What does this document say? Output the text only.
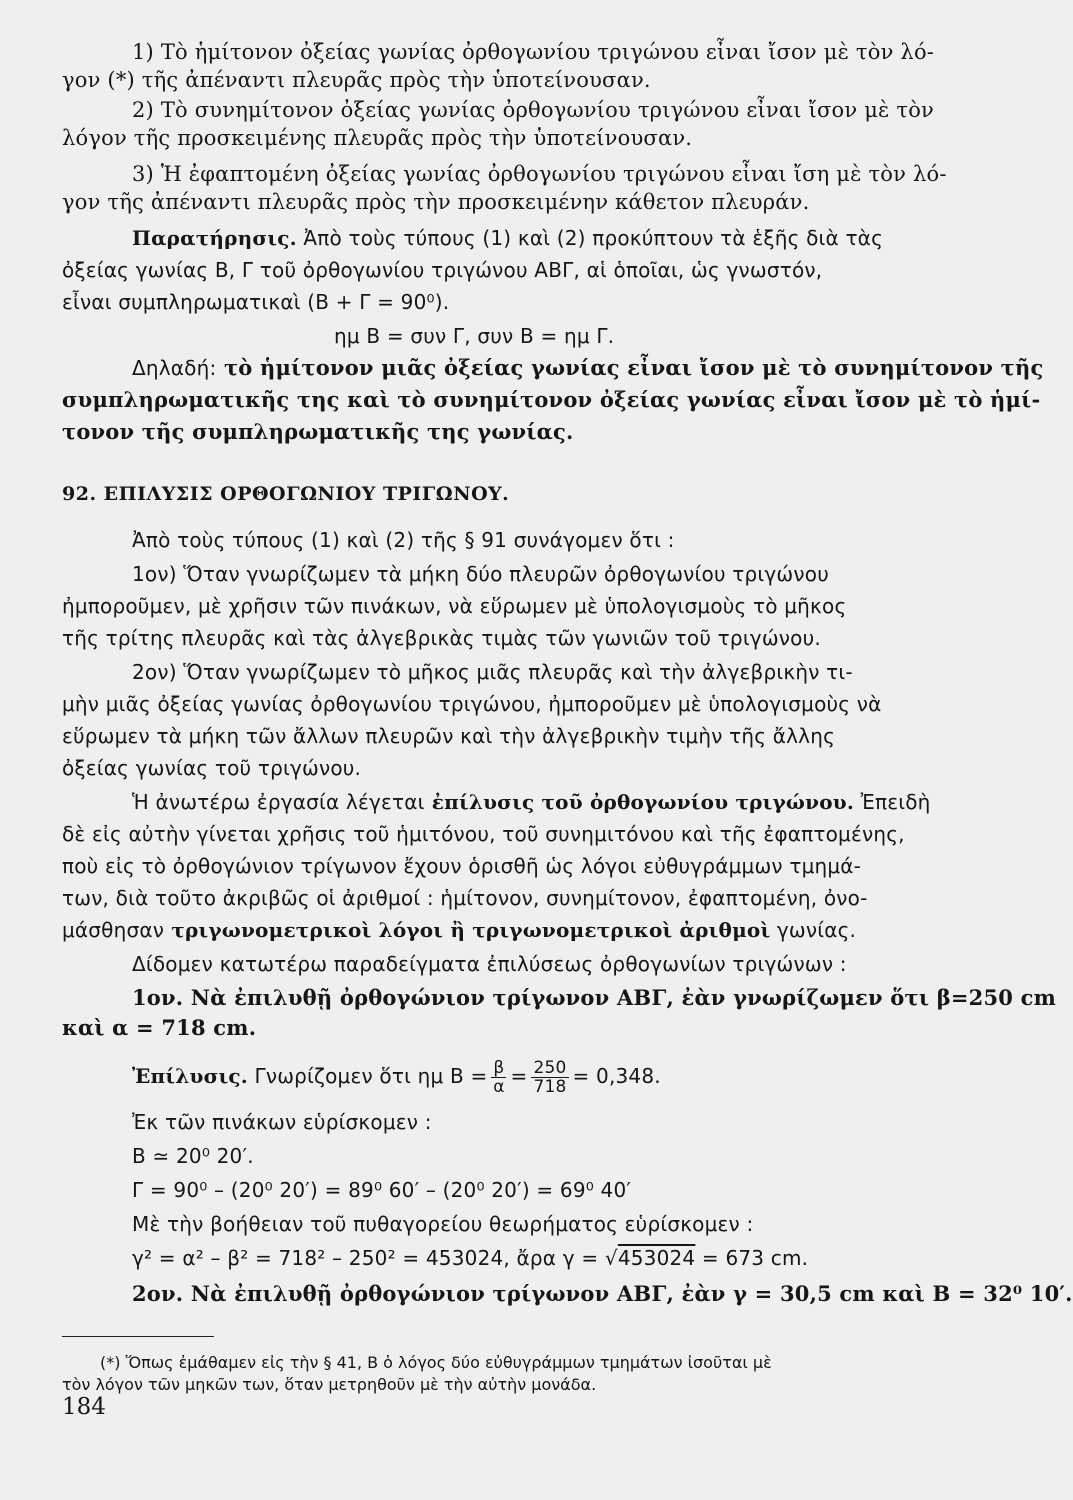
1) Τὸ ἡμίτονον ὀξείας γωνίας ὀρθογωνίου τριγώνου εἶναι ἴσον μὲ τὸν λό-
γον (*) τῆς ἀπέναντι πλευρᾶς πρὸς τὴν ὑποτείνουσαν.
2) Τὸ συνημίτονον ὀξείας γωνίας ὀρθογωνίου τριγώνου εἶναι ἴσον μὲ τὸν
λόγον τῆς προσκειμένης πλευρᾶς πρὸς τὴν ὑποτείνουσαν.
3) Ἡ ἐφαπτομένη ὀξείας γωνίας ὀρθογωνίου τριγώνου εἶναι ἴση μὲ τὸν λό-
γον τῆς ἀπέναντι πλευρᾶς πρὸς τὴν προσκειμένην κάθετον πλευράν.
Παρατήρησις. Ἀπὸ τοὺς τύπους (1) καὶ (2) προκύπτουν τὰ ἑξῆς διὰ τὰς
ὀξείας γωνίας Β, Γ τοῦ ὀρθογωνίου τριγώνου ΑΒΓ, αἱ ὁποῖαι, ὡς γνωστόν,
εἶναι συμπληρωματικαὶ (Β + Γ = 90⁰).
ημ Β = συν Γ, συν Β = ημ Γ.
Δηλαδή: τὸ ἡμίτονον μιᾶς ὀξείας γωνίας εἶναι ἴσον μὲ τὸ συνημίτονον τῆς
συμπληρωματικῆς της καὶ τὸ συνημίτονον ὀξείας γωνίας εἶναι ἴσον μὲ τὸ ἡμί-
τονον τῆς συμπληρωματικῆς της γωνίας.
92. ΕΠΙΛΥΣΙΣ ΟΡΘΟΓΩΝΙΟΥ ΤΡΙΓΩΝΟΥ.
Ἀπὸ τοὺς τύπους (1) καὶ (2) τῆς § 91 συνάγομεν ὅτι :
1ον) Ὅταν γνωρίζωμεν τὰ μήκη δύο πλευρῶν ὀρθογωνίου τριγώνου
ἠμποροῦμεν, μὲ χρῆσιν τῶν πινάκων, νὰ εὕρωμεν μὲ ὑπολογισμοὺς τὸ μῆκος
τῆς τρίτης πλευρᾶς καὶ τὰς ἀλγεβρικὰς τιμὰς τῶν γωνιῶν τοῦ τριγώνου.
2ον) Ὅταν γνωρίζωμεν τὸ μῆκος μιᾶς πλευρᾶς καὶ τὴν ἀλγεβρικὴν τι-
μὴν μιᾶς ὀξείας γωνίας ὀρθογωνίου τριγώνου, ἠμποροῦμεν μὲ ὑπολογισμοὺς νὰ
εὕρωμεν τὰ μήκη τῶν ἄλλων πλευρῶν καὶ τὴν ἀλγεβρικὴν τιμὴν τῆς ἄλλης
ὀξείας γωνίας τοῦ τριγώνου.
Ἡ ἀνωτέρω ἐργασία λέγεται ἐπίλυσις τοῦ ὀρθογωνίου τριγώνου. Ἐπειδὴ
δὲ εἰς αὐτὴν γίνεται χρῆσις τοῦ ἡμιτόνου, τοῦ συνημιτόνου καὶ τῆς ἐφαπτομένης,
ποὺ εἰς τὸ ὀρθογώνιον τρίγωνον ἔχουν ὁρισθῆ ὡς λόγοι εὐθυγράμμων τμημά-
των, διὰ τοῦτο ἀκριβῶς οἱ ἀριθμοί : ἡμίτονον, συνημίτονον, ἐφαπτομένη, ὀνο-
μάσθησαν τριγωνομετρικοὶ λόγοι ἢ τριγωνομετρικοὶ ἀριθμοὶ γωνίας.
Δίδομεν κατωτέρω παραδείγματα ἐπιλύσεως ὀρθογωνίων τριγώνων :
1ον. Νὰ ἐπιλυθῇ ὀρθογώνιον τρίγωνον ΑΒΓ, ἐὰν γνωρίζωμεν ὅτι β=250 cm
καὶ α = 718 cm.
Ἐπίλυσις. Γνωρίζομεν ὅτι ημ $B = \frac{\beta}{\alpha} = \frac{250}{718} = 0,348$.
Ἐκ τῶν πινάκων εὑρίσκομεν :
Β ≃ 20⁰ 20′.
Γ = 90⁰ – (20⁰ 20′) = 89⁰ 60′ – (20⁰ 20′) = 69⁰ 40′
Μὲ τὴν βοήθειαν τοῦ πυθαγορείου θεωρήματος εὑρίσκομεν :
γ² = α² – β² = 718² – 250² = 453024, ἄρα γ = √453024 = 673 cm.
2ον. Νὰ ἐπιλυθῇ ὀρθογώνιον τρίγωνον ΑΒΓ, ἐὰν γ = 30,5 cm καὶ Β = 32⁰ 10′.
(*) Ὅπως ἐμάθαμεν εἰς τὴν § 41, Β ὁ λόγος δύο εὐθυγράμμων τμημάτων ἰσοῦται μὲ
τὸν λόγον τῶν μηκῶν των, ὅταν μετρηθοῦν μὲ τὴν αὐτὴν μονάδα.
184
